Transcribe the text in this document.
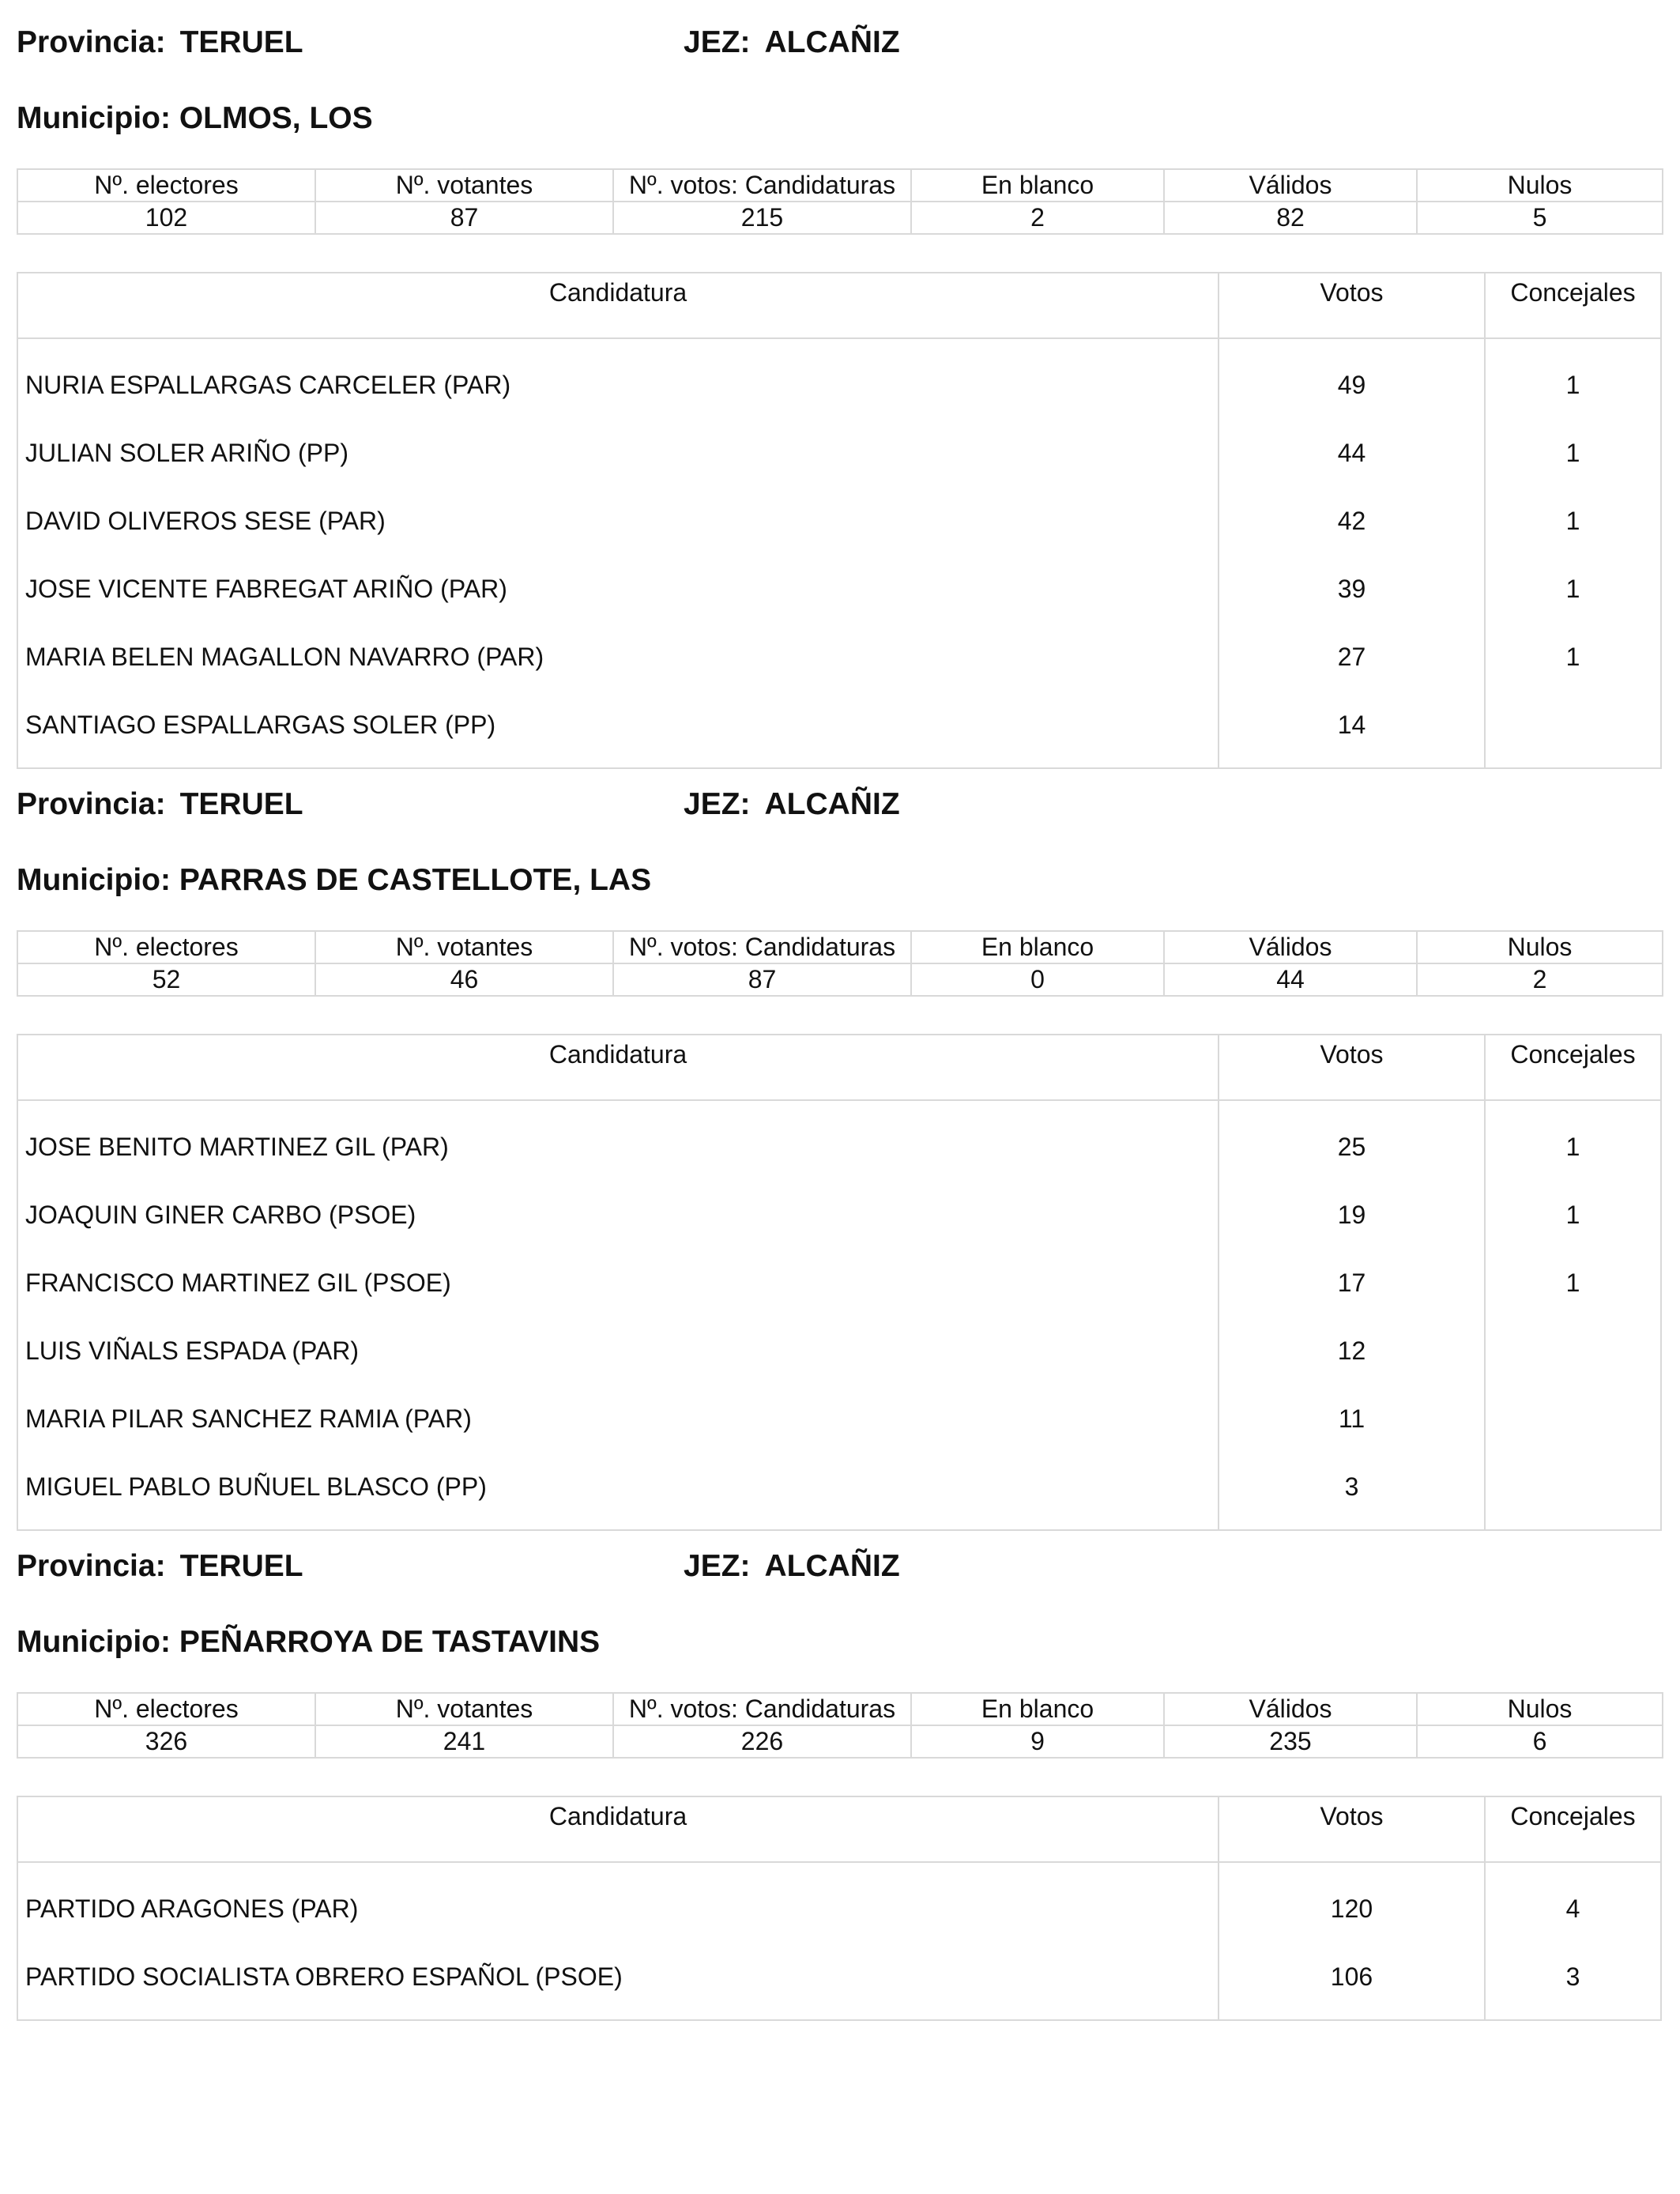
Provincia: TERUEL	JEZ: ALCAÑIZ
Municipio: OLMOS, LOS
Nº. electores	Nº. votantes	Nº. votos: Candidaturas	En blanco	Válidos	Nulos
102	87	215	2	82	5
Candidatura	Votos	Concejales
NURIA ESPALLARGAS CARCELER (PAR)	49	1
JULIAN SOLER ARIÑO (PP)	44	1
DAVID OLIVEROS SESE (PAR)	42	1
JOSE VICENTE FABREGAT ARIÑO (PAR)	39	1
MARIA BELEN MAGALLON NAVARRO (PAR)	27	1
SANTIAGO ESPALLARGAS SOLER (PP)	14
Provincia: TERUEL	JEZ: ALCAÑIZ
Municipio: PARRAS DE CASTELLOTE, LAS
Nº. electores	Nº. votantes	Nº. votos: Candidaturas	En blanco	Válidos	Nulos
52	46	87	0	44	2
Candidatura	Votos	Concejales
JOSE BENITO MARTINEZ GIL (PAR)	25	1
JOAQUIN GINER CARBO (PSOE)	19	1
FRANCISCO MARTINEZ GIL (PSOE)	17	1
LUIS VIÑALS ESPADA (PAR)	12
MARIA PILAR SANCHEZ RAMIA (PAR)	11
MIGUEL PABLO BUÑUEL BLASCO (PP)	3
Provincia: TERUEL	JEZ: ALCAÑIZ
Municipio: PEÑARROYA DE TASTAVINS
Nº. electores	Nº. votantes	Nº. votos: Candidaturas	En blanco	Válidos	Nulos
326	241	226	9	235	6
Candidatura	Votos	Concejales
PARTIDO ARAGONES (PAR)	120	4
PARTIDO SOCIALISTA OBRERO ESPAÑOL (PSOE)	106	3
